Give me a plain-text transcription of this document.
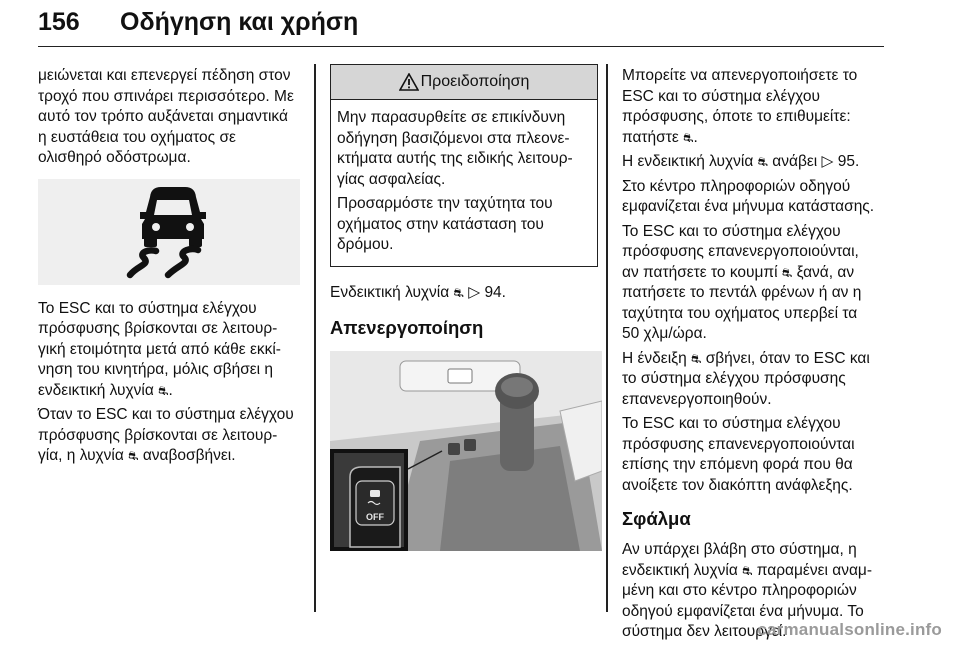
156 Οδήγηση και χρήση

μειώνεται και επενεργεί πέδηση στον
τροχό που σπινάρει περισσότερο. Με
αυτό τον τρόπο αυξάνεται σημαντικά
η ευστάθεια του οχήματος σε
ολισθηρό οδόστρωμα.

Το ESC και το σύστημα ελέγχου
πρόσφυσης βρίσκονται σε λειτουρ-
γική ετοιμότητα μετά από κάθε εκκί-
νηση του κινητήρα, μόλις σβήσει η
ενδεικτική λυχνία ⛐.

Όταν το ESC και το σύστημα ελέγχου
πρόσφυσης βρίσκονται σε λειτουρ-
γία, η λυχνία ⛐ αναβοσβήνει.

Προειδοποίηση

Μην παρασυρθείτε σε επικίνδυνη
οδήγηση βασιζόμενοι στα πλεονε-
κτήματα αυτής της ειδικής λειτουρ-
γίας ασφαλείας.

Προσαρμόστε την ταχύτητα του
οχήματος στην κατάσταση του
δρόμου.

Ενδεικτική λυχνία ⛐ ▷ 94.

Απενεργοποίηση
OFF

Μπορείτε να απενεργοποιήσετε το
ESC και το σύστημα ελέγχου
πρόσφυσης, όποτε το επιθυμείτε:
πατήστε ⛐.

Η ενδεικτική λυχνία ⛐ ανάβει ▷ 95.

Στο κέντρο πληροφοριών οδηγού
εμφανίζεται ένα μήνυμα κατάστασης.

Το ESC και το σύστημα ελέγχου
πρόσφυσης επανενεργοποιούνται,
αν πατήσετε το κουμπί ⛐ ξανά, αν
πατήσετε το πεντάλ φρένων ή αν η
ταχύτητα του οχήματος υπερβεί τα
50 χλμ/ώρα.

Η ένδειξη ⛐ σβήνει, όταν το ESC και
το σύστημα ελέγχου πρόσφυσης
επανενεργοποιηθούν.

Το ESC και το σύστημα ελέγχου
πρόσφυσης επανενεργοποιούνται
επίσης την επόμενη φορά που θα
ανοίξετε τον διακόπτη ανάφλεξης.

Σφάλμα

Αν υπάρχει βλάβη στο σύστημα, η
ενδεικτική λυχνία ⛐ παραμένει αναμ-
μένη και στο κέντρο πληροφοριών
οδηγού εμφανίζεται ένα μήνυμα. Το
σύστημα δεν λειτουργεί.

carmanualsonline.info
